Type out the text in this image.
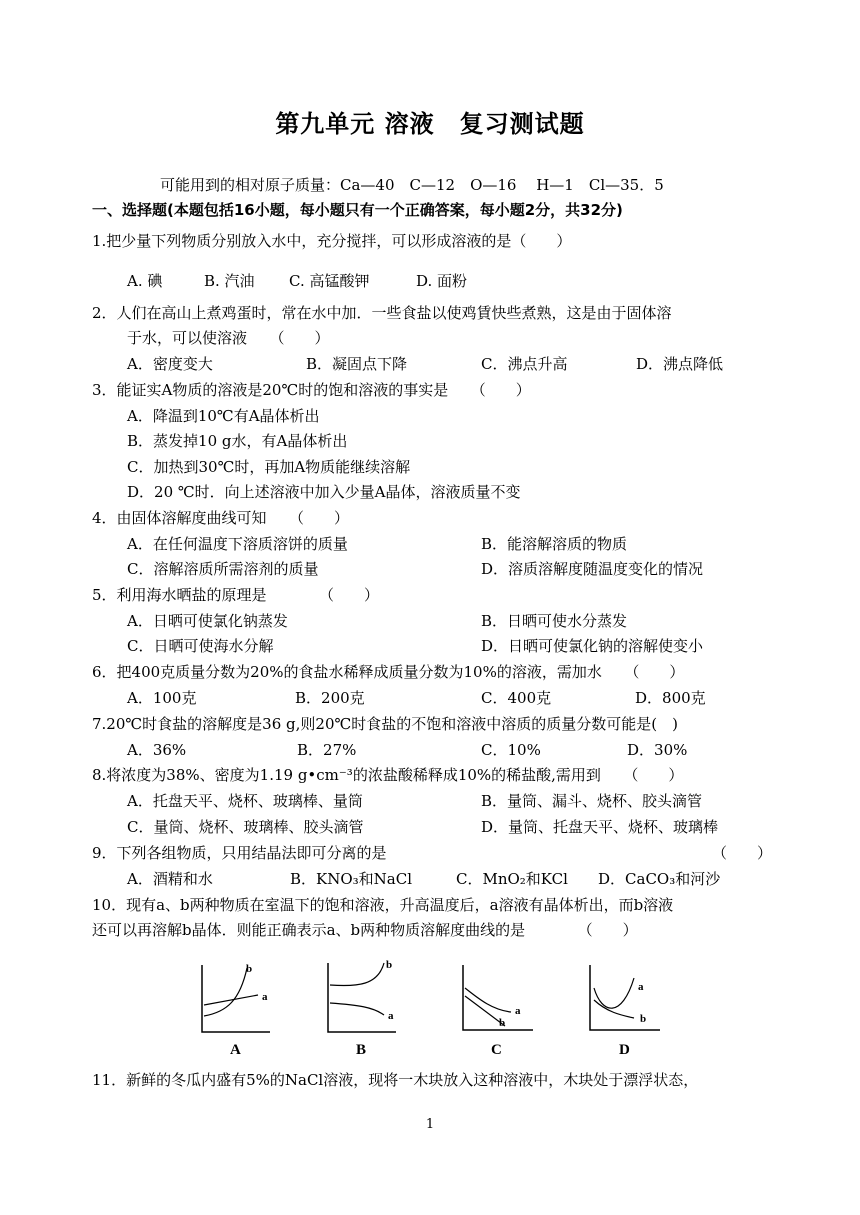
第九单元 溶液　复习测试题
可能用到的相对原子质量：Ca—40　C—12　O—16　 H—1　Cl—35．5
一、选择题(本题包括16小题，每小题只有一个正确答案，每小题2分，共32分)
1.把少量下列物质分别放入水中，充分搅拌，可以形成溶液的是（　　）
A. 碘	B. 汽油 C. 高锰酸钾	D. 面粉
2．人们在高山上煮鸡蛋时，常在水中加．一些食盐以使鸡賃快些煮熟，这是由于固体溶
于水，可以使溶液　　（　　）
A．密度变大	B．凝固点下降	C．沸点升高	D．沸点降低
3．能证实A物质的溶液是20℃时的饱和溶液的事实是　　（　　）
A．降温到10℃有A晶体析出
B．蒸发掉10 g水，有A晶体析出
C．加热到30℃时，再加A物质能继续溶解
D．20 ℃时．向上述溶液中加入少量A晶体，溶液质量不变
4．由固体溶解度曲线可知　　（　　）
A．在任何温度下溶质溶饼的质量	B．能溶解溶质的物质
C．溶解溶质所需溶剂的质量	D．溶质溶解度随温度变化的情况
5．利用海水晒盐的原理是　　　　（　　）
A．日晒可使氯化钠蒸发	B．日晒可使水分蒸发
C．日晒可使海水分解	D．日晒可使氯化钠的溶解使变小
6．把400克质量分数为20%的食盐水稀释成质量分数为10%的溶液，需加水　　（　　）
A．100克	B．200克	C．400克	D．800克
7.20℃时食盐的溶解度是36 g,则20℃时食盐的不饱和溶液中溶质的质量分数可能是(　)
A．36%	B．27%	C．10%	D．30%
8.将浓度为38%、密度为1.19 g•cm⁻³的浓盐酸稀释成10%的稀盐酸,需用到　　（　　）
A．托盘天平、烧杯、玻璃棒、量筒	B．量筒、漏斗、烧杯、胶头滴管
C．量筒、烧杯、玻璃棒、胶头滴管	D．量筒、托盘天平、烧杯、玻璃棒
9．下列各组物质，只用结晶法即可分离的是	（　　）
A．酒精和水	B．KNO₃和NaCl	C．MnO₂和KCl D．CaCO₃和河沙
10．现有a、b两种物质在室温下的饱和溶液，升高温度后，a溶液有晶体析出，而b溶液
还可以再溶解b晶体．则能正确表示a、b两种物质溶解度曲线的是　　　　（　　）
b
a
A
b
a
B
a
b
C
a
b
D
11．新鲜的冬瓜内盛有5%的NaCl溶液，现将一木块放入这种溶液中，木块处于漂浮状态，
1
